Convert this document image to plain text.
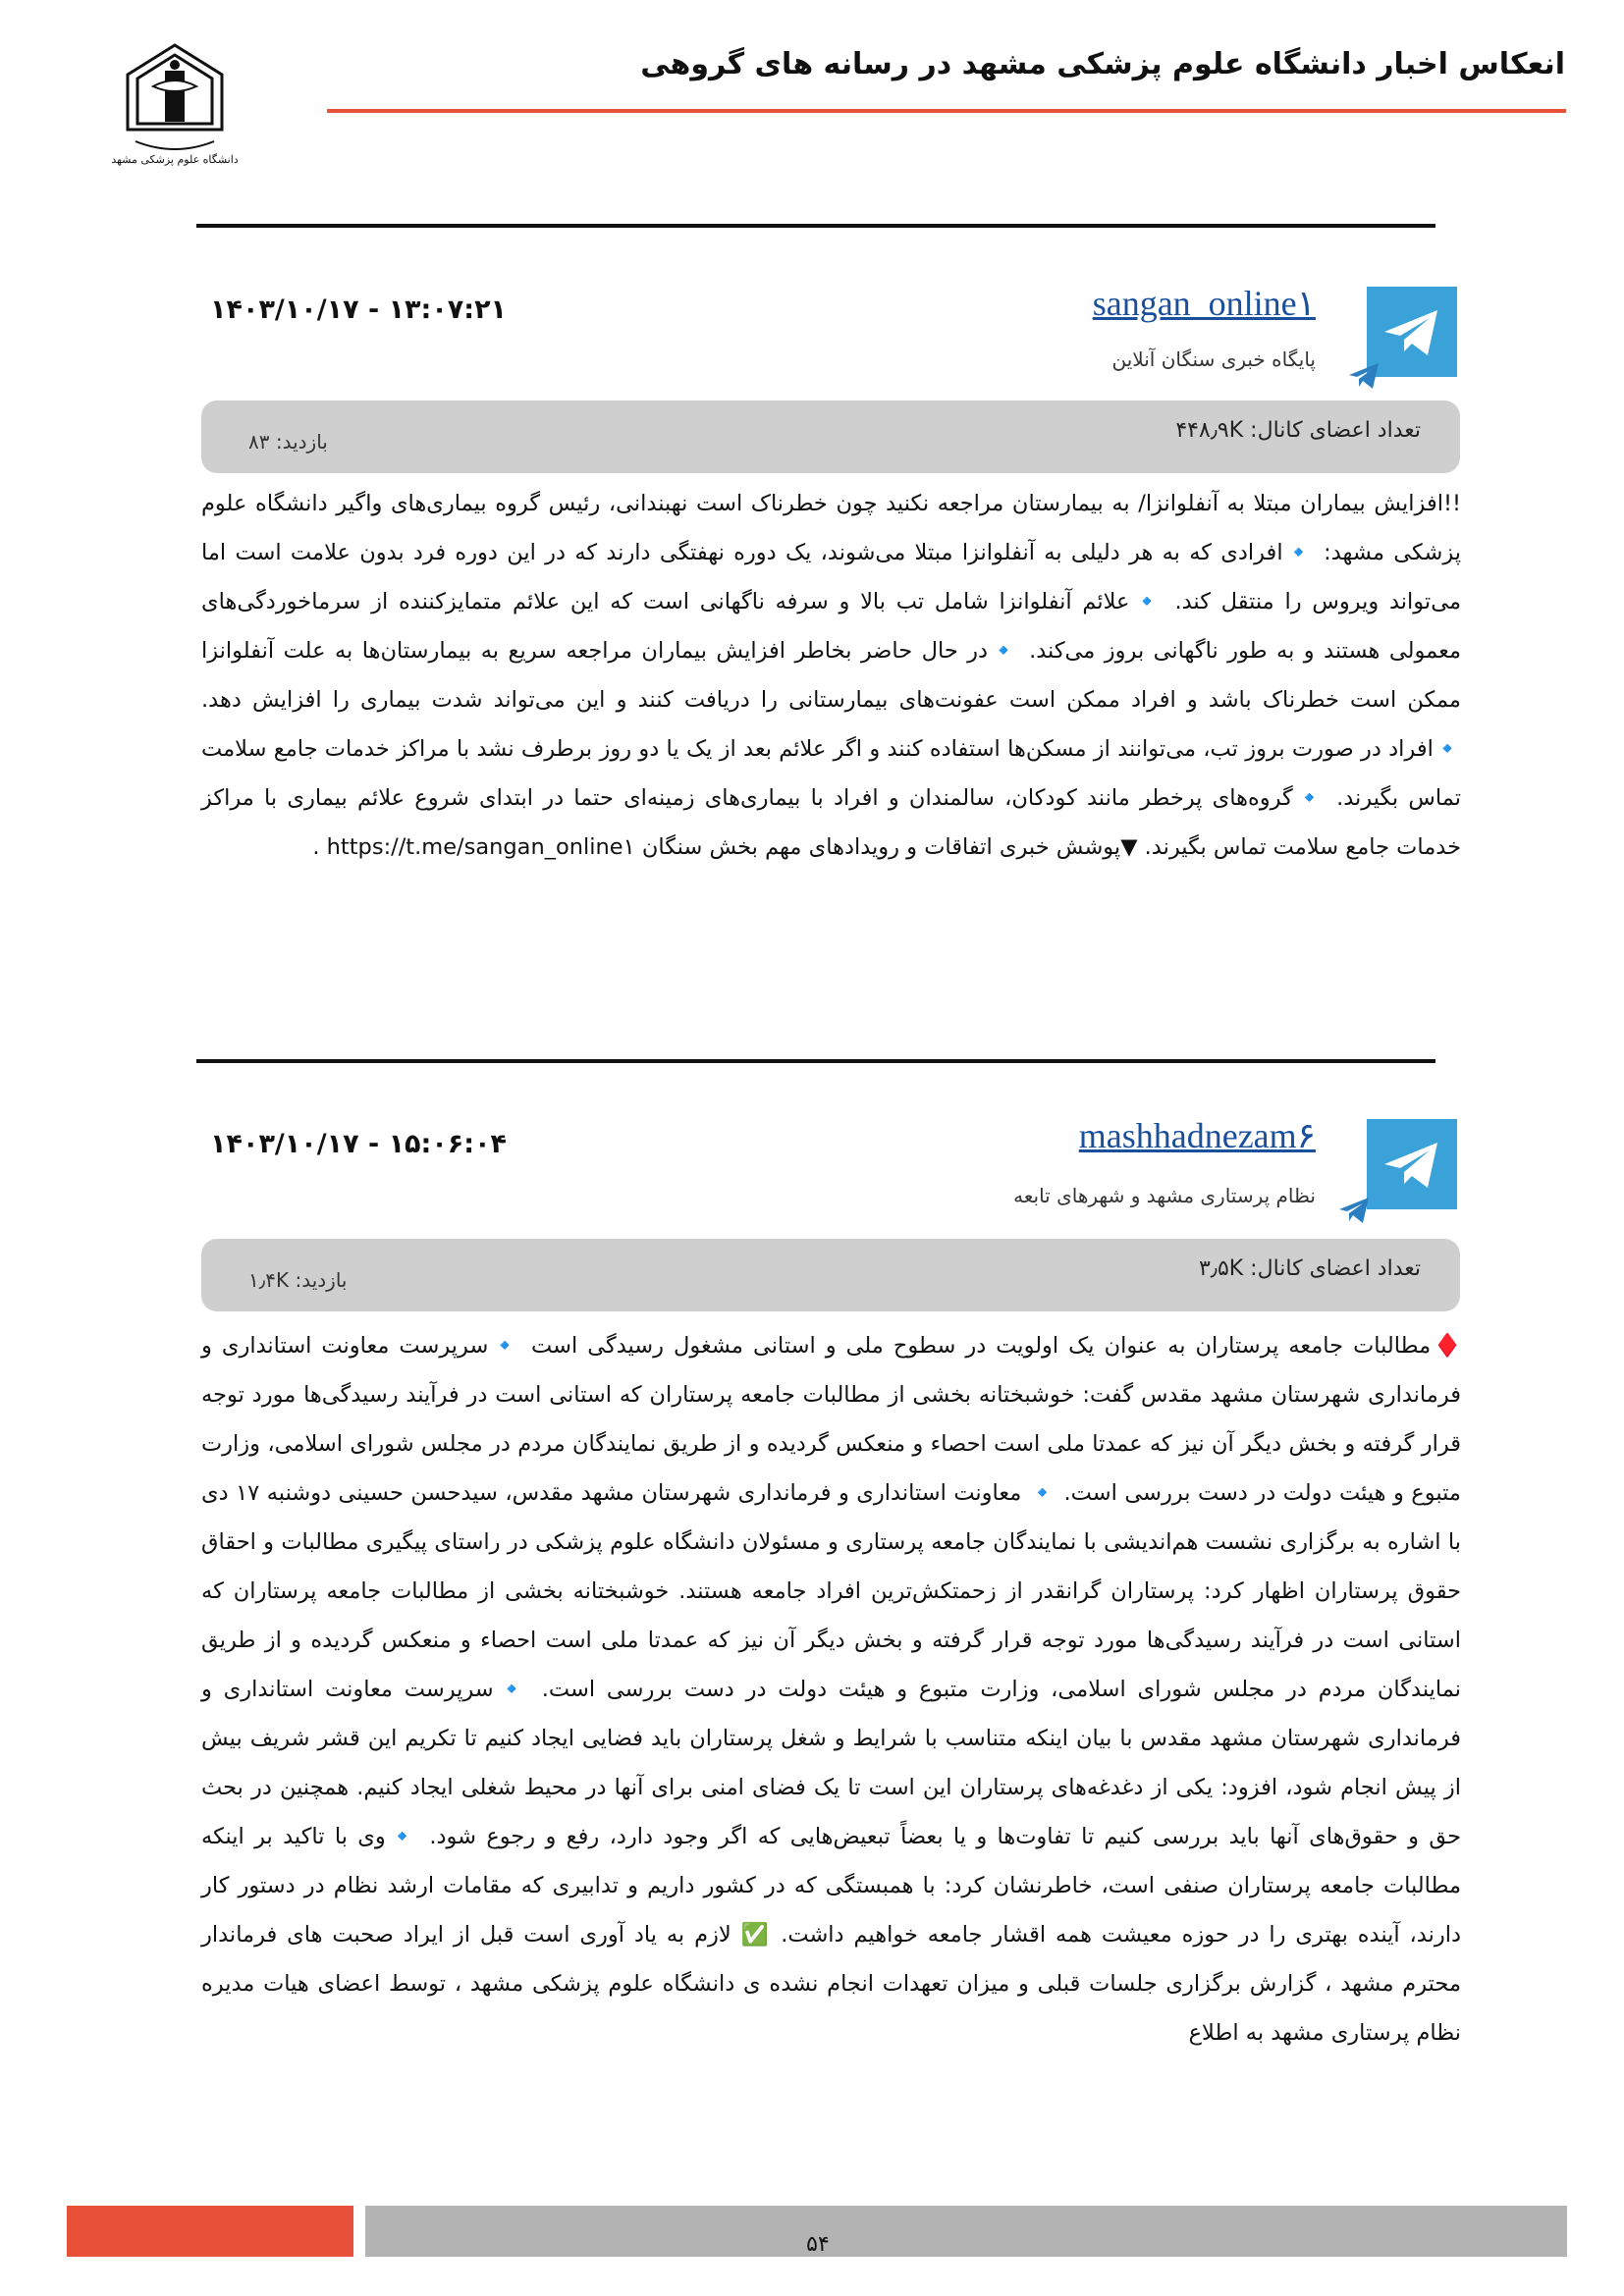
دانشگاه علوم پزشکی مشهد
انعکاس اخبار دانشگاه علوم پزشکی مشهد در رسانه های گروهی
sangan_online۱
پایگاه خبری سنگان آنلاین
۱۴۰۳/۱۰/۱۷ - ۱۳:۰۷:۲۱
تعداد اعضای کانال: ۴۴۸٫۹K
بازدید: ۸۳
!!افزایش بیماران مبتلا به آنفلوانزا/ به بیمارستان مراجعه نکنید چون خطرناک است نهبندانی، رئیس گروه بیماری‌های واگیر دانشگاه علوم پزشکی مشهد: 🔹افرادی که به هر دلیلی به آنفلوانزا مبتلا می‌شوند، یک دوره نهفتگی دارند که در این دوره فرد بدون علامت است اما می‌تواند ویروس را منتقل کند. 🔹علائم آنفلوانزا شامل تب بالا و سرفه ناگهانی است که این علائم متمایزکننده از سرماخوردگی‌های معمولی هستند و به طور ناگهانی بروز می‌کند. 🔹در حال حاضر بخاطر افزایش بیماران مراجعه سریع به بیمارستان‌ها به علت آنفلوانزا ممکن است خطرناک باشد و افراد ممکن است عفونت‌های بیمارستانی را دریافت کنند و این می‌تواند شدت بیماری را افزایش دهد. 🔹افراد در صورت بروز تب، می‌توانند از مسکن‌ها استفاده کنند و اگر علائم بعد از یک یا دو روز برطرف نشد با مراکز خدمات جامع سلامت تماس بگیرند. 🔹گروه‌های پرخطر مانند کودکان، سالمندان و افراد با بیماری‌های زمینه‌ای حتما در ابتدای شروع علائم بیماری با مراکز خدمات جامع سلامت تماس بگیرند. ▼پوشش خبری اتفاقات و رویدادهای مهم بخش سنگان https://t.me/sangan_online۱ .
mashhadnezam۶
نظام پرستاری مشهد و شهرهای تابعه
۱۴۰۳/۱۰/۱۷ - ۱۵:۰۶:۰۴
تعداد اعضای کانال: ۳٫۵K
بازدید: ۱٫۴K
♦️مطالبات جامعه پرستاران به عنوان یک اولویت در سطوح ملی و استانی مشغول رسیدگی است 🔹سرپرست معاونت استانداری و فرمانداری شهرستان مشهد مقدس گفت: خوشبختانه بخشی از مطالبات جامعه پرستاران که استانی است در فرآیند رسیدگی‌ها مورد توجه قرار گرفته و بخش دیگر آن نیز که عمدتا ملی است احصاء و منعکس گردیده و از طریق نمایندگان مردم در مجلس شورای اسلامی، وزارت متبوع و هیئت دولت در دست بررسی است. 🔹 معاونت استانداری و فرمانداری شهرستان مشهد مقدس، سیدحسن حسینی دوشنبه ۱۷ دی با اشاره به برگزاری نشست هم‌اندیشی با نمایندگان جامعه پرستاری و مسئولان دانشگاه علوم پزشکی در راستای پیگیری مطالبات و احقاق حقوق پرستاران اظهار کرد: پرستاران گرانقدر از زحمتکش‌ترین افراد جامعه هستند. خوشبختانه بخشی از مطالبات جامعه پرستاران که استانی است در فرآیند رسیدگی‌ها مورد توجه قرار گرفته و بخش دیگر آن نیز که عمدتا ملی است احصاء و منعکس گردیده و از طریق نمایندگان مردم در مجلس شورای اسلامی، وزارت متبوع و هیئت دولت در دست بررسی است. 🔹سرپرست معاونت استانداری و فرمانداری شهرستان مشهد مقدس با بیان اینکه متناسب با شرایط و شغل پرستاران باید فضایی ایجاد کنیم تا تکریم این قشر شریف بیش از پیش انجام شود، افزود: یکی از دغدغه‌های پرستاران این است تا یک فضای امنی برای آنها در محیط شغلی ایجاد کنیم. همچنین در بحث حق و حقوق‌های آنها باید بررسی کنیم تا تفاوت‌ها و یا بعضاً تبعیض‌هایی که اگر وجود دارد، رفع و رجوع شود. 🔹وی با تاکید بر اینکه مطالبات جامعه پرستاران صنفی است، خاطرنشان کرد: با همبستگی که در کشور داریم و تدابیری که مقامات ارشد نظام در دستور کار دارند، آینده بهتری را در حوزه معیشت همه اقشار جامعه خواهیم داشت. ✅ لازم به یاد آوری است قبل از ایراد صحبت های فرماندار محترم مشهد ، گزارش برگزاری جلسات قبلی و میزان تعهدات انجام نشده ی دانشگاه علوم پزشکی مشهد ، توسط اعضای هیات مدیره نظام پرستاری مشهد به اطلاع
۵۴
